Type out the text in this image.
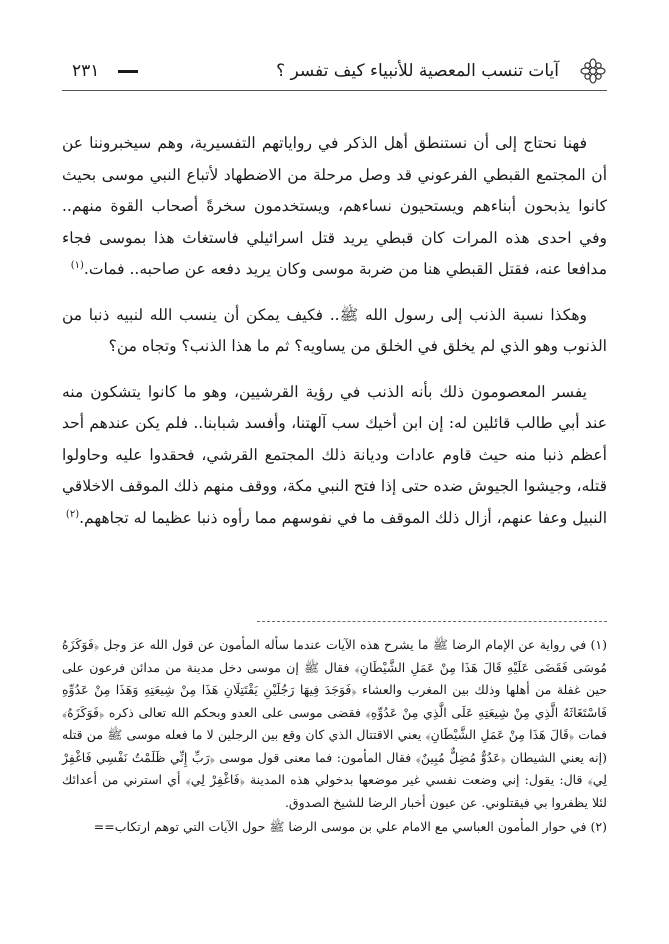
آيات تنسب المعصية للأنبياء كيف تفسر ؟
٢٣١

فهنا نحتاج إلى أن نستنطق أهل الذكر في رواياتهم التفسيرية، وهم سيخبروننا عن أن المجتمع القبطي الفرعوني قد وصل مرحلة من الاضطهاد لأتباع النبي موسى بحيث كانوا يذبحون أبناءهم ويستحيون نساءهم، ويستخدمون سخرةً أصحاب القوة منهم.. وفي احدى هذه المرات كان قبطي يريد قتل اسرائيلي فاستغاث هذا بموسى فجاء مدافعا عنه، فقتل القبطي هنا من ضربة موسى وكان يريد دفعه عن صاحبه.. فمات.$^{(١)}$

وهكذا نسبة الذنب إلى رسول الله ﷺ.. فكيف يمكن أن ينسب الله لنبيه ذنبا من الذنوب وهو الذي لم يخلق في الخلق من يساويه؟ ثم ما هذا الذنب؟ وتجاه من؟

يفسر المعصومون ذلك بأنه الذنب في رؤية القرشيين، وهو ما كانوا يتشكون منه عند أبي طالب قائلين له: إن ابن أخيك سب آلهتنا، وأفسد شبابنا.. فلم يكن عندهم أحد أعظم ذنبا منه حيث قاوم عادات وديانة ذلك المجتمع القرشي، فحقدوا عليه وحاولوا قتله، وجيشوا الجيوش ضده حتى إذا فتح النبي مكة، ووقف منهم ذلك الموقف الاخلاقي النبيل وعفا عنهم، أزال ذلك الموقف ما في نفوسهم مما رأوه ذنبا عظيما له تجاههم.$^{(٢)}$

(١) في رواية عن الإمام الرضا ﷺ ما يشرح هذه الآيات عندما سأله المأمون عن قول الله عز وجل ﴿فَوَكَزَهُ مُوسَى فَقَضَى عَلَيْهِ قَالَ هَذَا مِنْ عَمَلِ الشَّيْطَانِ﴾ فقال ﷺ إن موسى دخل مدينة من مدائن فرعون على حين غفلة من أهلها وذلك بين المغرب والعشاء ﴿فَوَجَدَ فِيهَا رَجُلَيْنِ يَقْتَتِلَانِ هَذَا مِنْ شِيعَتِهِ وَهَذَا مِنْ عَدُوِّهِ فَاسْتَغَاثَهُ الَّذِي مِنْ شِيعَتِهِ عَلَى الَّذِي مِنْ عَدُوِّهِ﴾ فقضى موسى على العدو وبحكم الله تعالى ذكره ﴿فَوَكَزَهُ﴾ فمات ﴿قَالَ هَذَا مِنْ عَمَلِ الشَّيْطَانِ﴾ يعني الاقتتال الذي كان وقع بين الرجلين لا ما فعله موسى ﷺ من قتله (إنه يعني الشيطان ﴿عَدُوٌّ مُضِلٌّ مُبِينٌ﴾ فقال المأمون: فما معنى قول موسى ﴿رَبِّ إِنِّي ظَلَمْتُ نَفْسِي فَاغْفِرْ لِي﴾ قال: يقول: إني وضعت نفسي غير موضعها بدخولي هذه المدينة ﴿فَاغْفِرْ لِي﴾ أي استرني من أعدائك لئلا يظفروا بي فيقتلوني. عن عيون أخبار الرضا للشيخ الصدوق.

(٢) في حوار المأمون العباسي مع الامام علي بن موسى الرضا ﷺ حول الآيات التي توهم ارتكاب==
